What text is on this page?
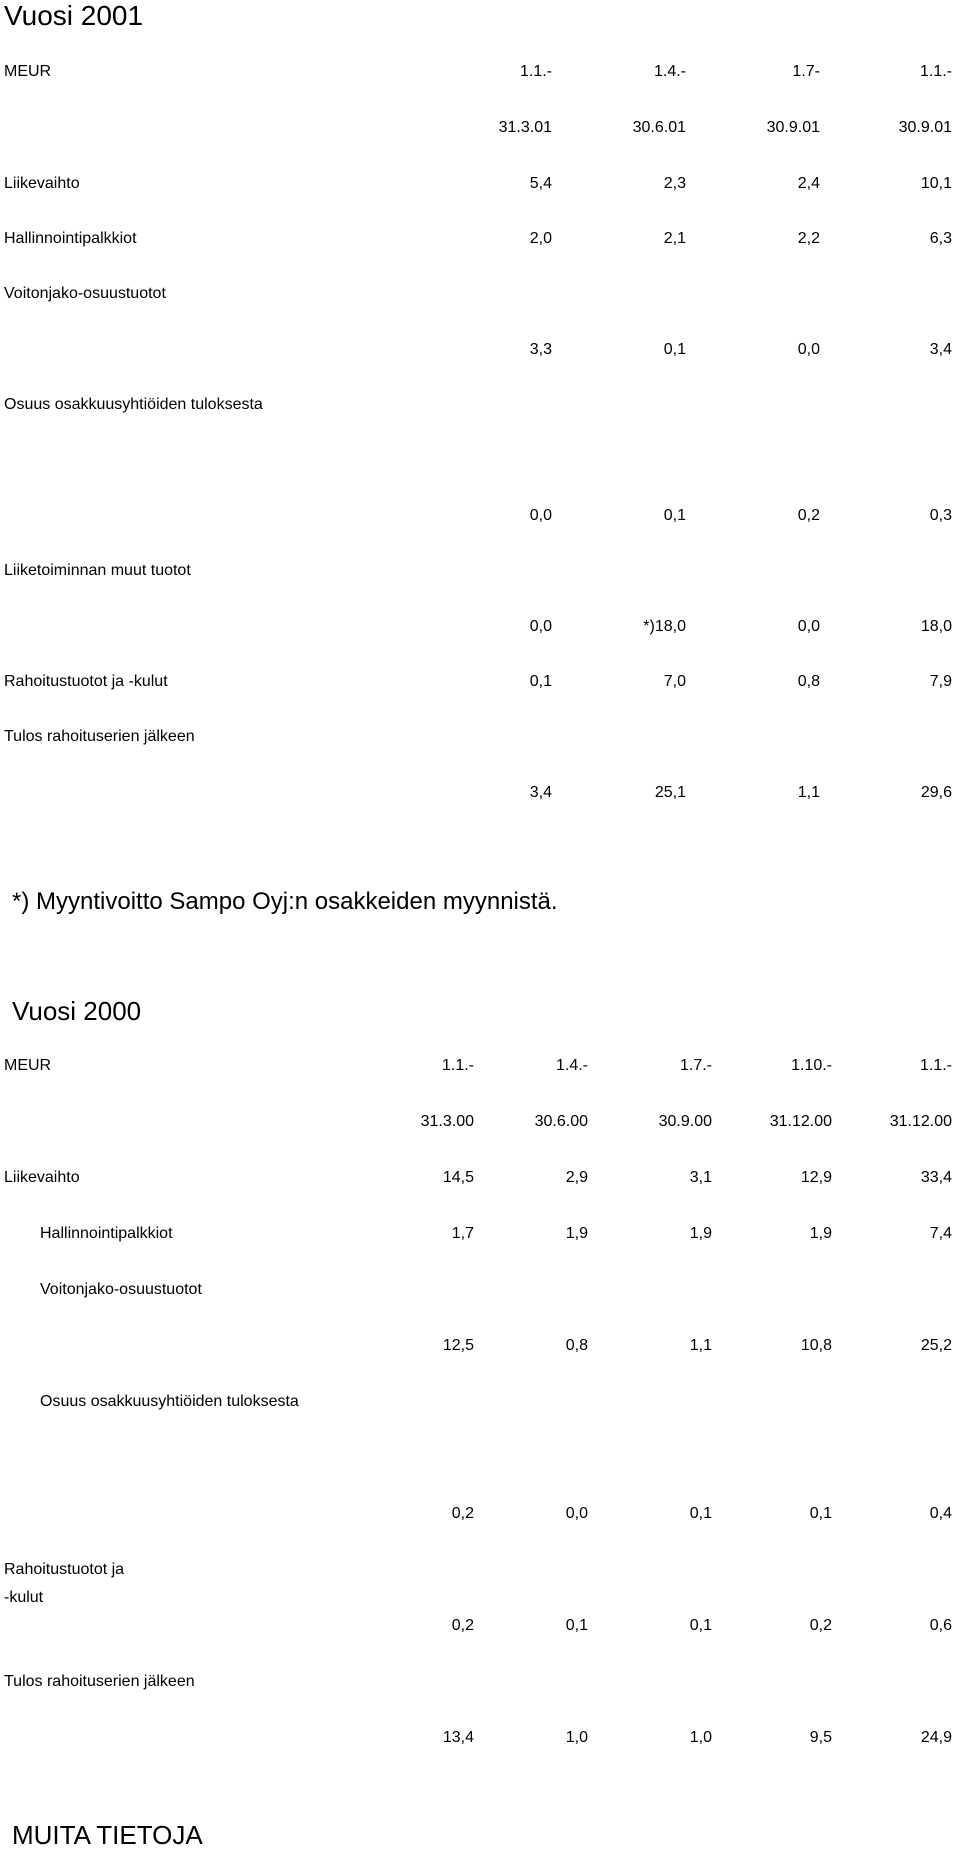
Vuosi 2001
MEUR	1.1.-	1.4.-	1.7-	1.1.-
31.3.01	30.6.01	30.9.01	30.9.01
Liikevaihto	5,4	2,3	2,4	10,1
Hallinnointipalkkiot	2,0	2,1	2,2	6,3
Voitonjako-osuustuotot
3,3	0,1	0,0	3,4
Osuus osakkuusyhtiöiden tuloksesta
0,0	0,1	0,2	0,3
Liiketoiminnan muut tuotot
0,0	*)18,0	0,0	18,0
Rahoitustuotot ja -kulut	0,1	7,0	0,8	7,9
Tulos rahoituserien jälkeen
3,4	25,1	1,1	29,6
*) Myyntivoitto Sampo Oyj:n osakkeiden myynnistä.
Vuosi 2000
MEUR	1.1.-	1.4.-	1.7.-	1.10.-	1.1.-
31.3.00	30.6.00	30.9.00	31.12.00	31.12.00
Liikevaihto	14,5	2,9	3,1	12,9	33,4
Hallinnointipalkkiot	1,7	1,9	1,9	1,9	7,4
Voitonjako-osuustuotot
12,5	0,8	1,1	10,8	25,2
Osuus osakkuusyhtiöiden tuloksesta
0,2	0,0	0,1	0,1	0,4
Rahoitustuotot ja
-kulut
0,2	0,1	0,1	0,2	0,6
Tulos rahoituserien jälkeen
13,4	1,0	1,0	9,5	24,9
MUITA TIETOJA
